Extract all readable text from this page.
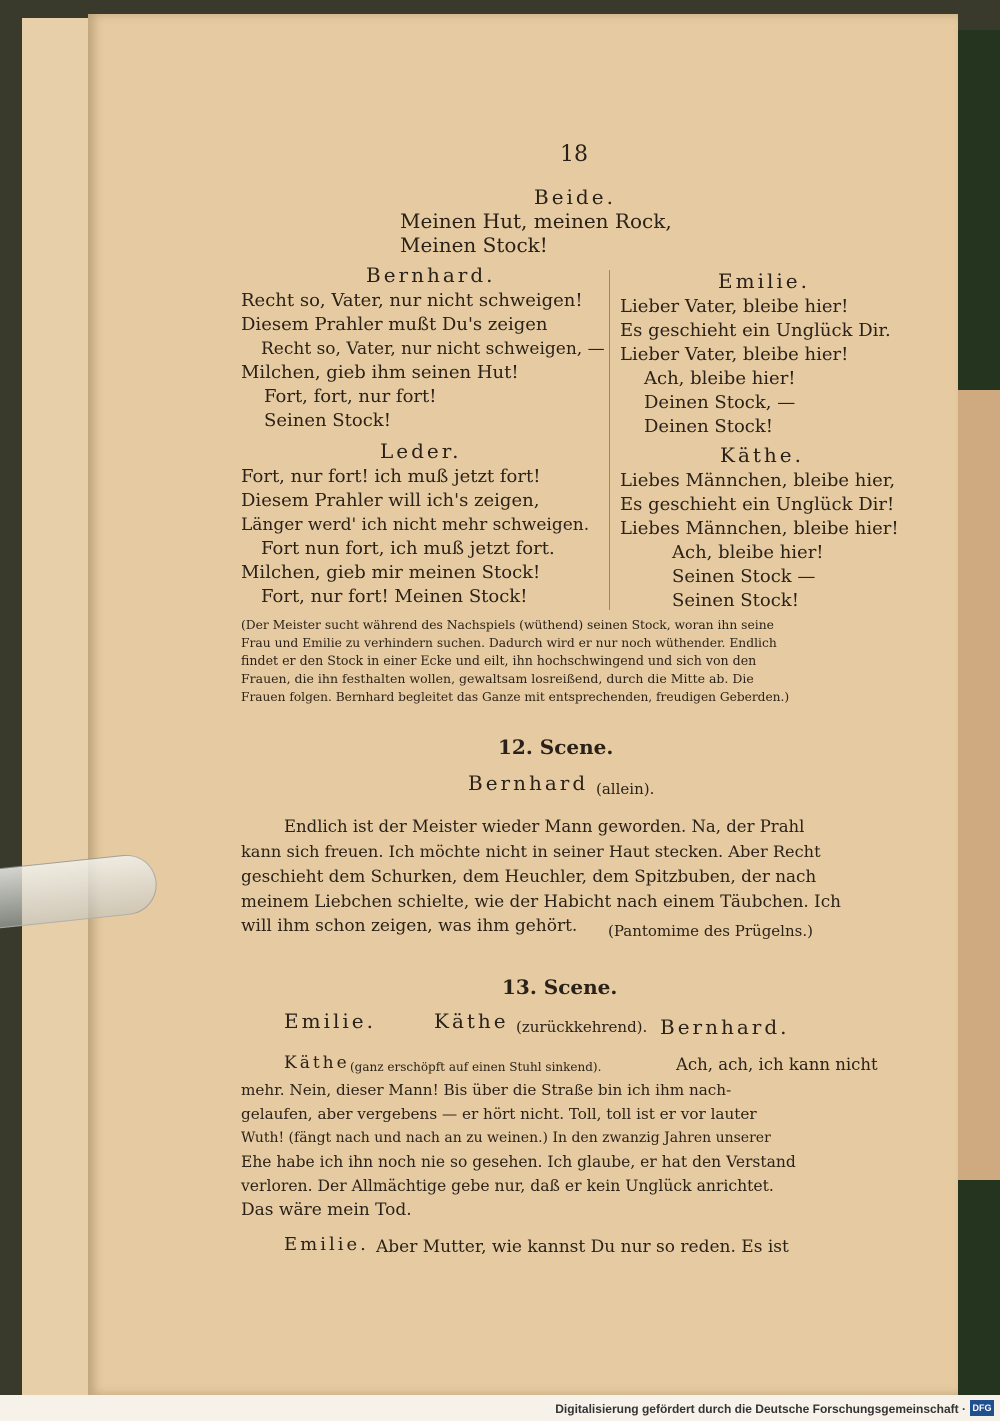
18
Beide.
Meinen Hut, meinen Rock,
Meinen Stock!
Bernhard.
Recht so, Vater, nur nicht schweigen!
Diesem Prahler mußt Du's zeigen
Recht so, Vater, nur nicht schweigen, —
Milchen, gieb ihm seinen Hut!
Fort, fort, nur fort!
Seinen Stock!
Leder.
Fort, nur fort! ich muß jetzt fort!
Diesem Prahler will ich's zeigen,
Länger werd' ich nicht mehr schweigen.
Fort nun fort, ich muß jetzt fort.
Milchen, gieb mir meinen Stock!
Fort, nur fort! Meinen Stock!
Emilie.
Lieber Vater, bleibe hier!
Es geschieht ein Unglück Dir.
Lieber Vater, bleibe hier!
Ach, bleibe hier!
Deinen Stock, —
Deinen Stock!
Käthe.
Liebes Männchen, bleibe hier,
Es geschieht ein Unglück Dir!
Liebes Männchen, bleibe hier!
Ach, bleibe hier!
Seinen Stock —
Seinen Stock!
(Der Meister sucht während des Nachspiels (wüthend) seinen Stock, woran ihn seine
Frau und Emilie zu verhindern suchen. Dadurch wird er nur noch wüthender. Endlich
findet er den Stock in einer Ecke und eilt, ihn hochschwingend und sich von den
Frauen, die ihn festhalten wollen, gewaltsam losreißend, durch die Mitte ab. Die
Frauen folgen. Bernhard begleitet das Ganze mit entsprechenden, freudigen Geberden.)
12. Scene.
Bernhard (allein).
Endlich ist der Meister wieder Mann geworden. Na, der Prahl
kann sich freuen. Ich möchte nicht in seiner Haut stecken. Aber Recht
geschieht dem Schurken, dem Heuchler, dem Spitzbuben, der nach
meinem Liebchen schielte, wie der Habicht nach einem Täubchen. Ich
will ihm schon zeigen, was ihm gehört. (Pantomime des Prügelns.)
13. Scene.
Emilie.	Käthe (zurückkehrend). Bernhard.
Käthe (ganz erschöpft auf einen Stuhl sinkend).	Ach, ach, ich kann nicht
mehr. Nein, dieser Mann! Bis über die Straße bin ich ihm nach-
gelaufen, aber vergebens — er hört nicht. Toll, toll ist er vor lauter
Wuth! (fängt nach und nach an zu weinen.) In den zwanzig Jahren unserer
Ehe habe ich ihn noch nie so gesehen. Ich glaube, er hat den Verstand
verloren. Der Allmächtige gebe nur, daß er kein Unglück anrichtet.
Das wäre mein Tod.
Emilie. Aber Mutter, wie kannst Du nur so reden. Es ist
Digitalisierung gefördert durch die Deutsche Forschungsgemeinschaft · DFG
